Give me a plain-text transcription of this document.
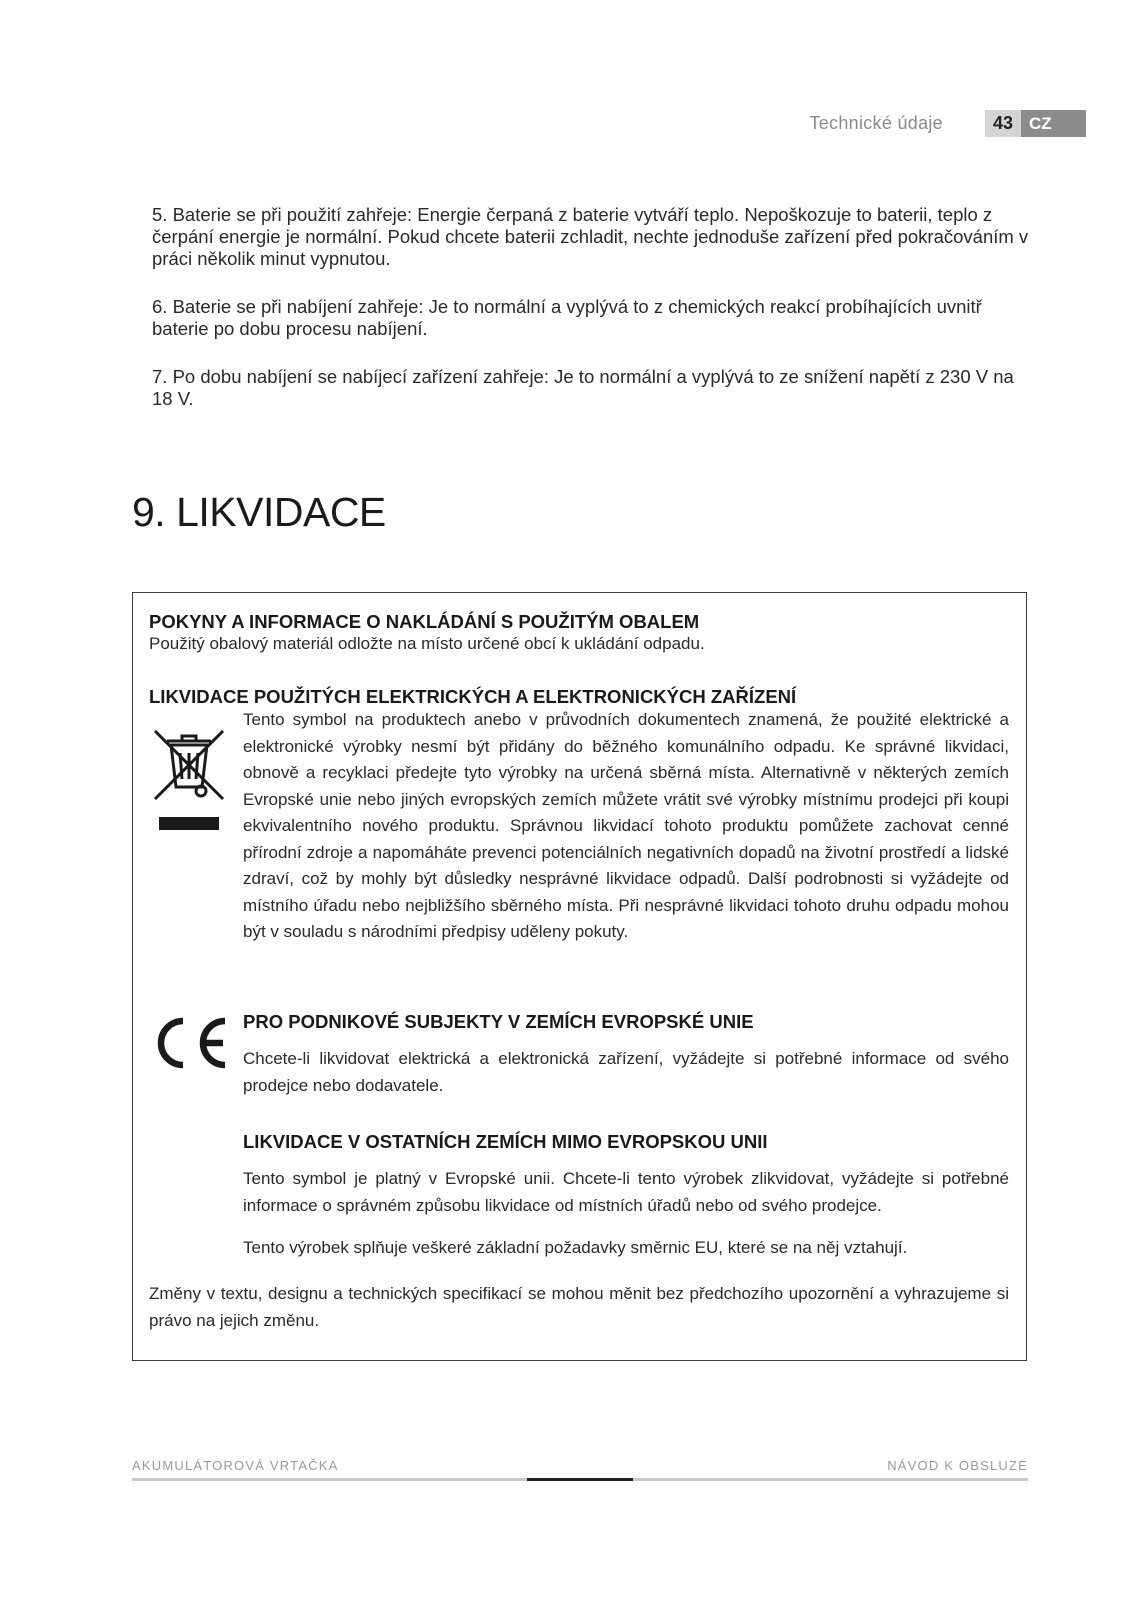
Technické údaje	43 CZ

5. Baterie se při použití zahřeje: Energie čerpaná z baterie vytváří teplo. Nepoškozuje to baterii, teplo z čerpání energie je normální. Pokud chcete baterii zchladit, nechte jednoduše zařízení před pokračováním v práci několik minut vypnutou.

6. Baterie se při nabíjení zahřeje: Je to normální a vyplývá to z chemických reakcí probíhajících uvnitř baterie po dobu procesu nabíjení.

7. Po dobu nabíjení se nabíjecí zařízení zahřeje: Je to normální a vyplývá to ze snížení napětí z 230 V na 18 V.

9. LIKVIDACE
POKYNY A INFORMACE O NAKLÁDÁNÍ S POUŽITÝM OBALEM

Použitý obalový materiál odložte na místo určené obcí k ukládání odpadu.

LIKVIDACE POUŽITÝCH ELEKTRICKÝCH A ELEKTRONICKÝCH ZAŘÍZENÍ

Tento symbol na produktech anebo v průvodních dokumentech znamená, že použité elektrické a elektronické výrobky nesmí být přidány do běžného komunálního odpadu. Ke správné likvidaci, obnově a recyklaci předejte tyto výrobky na určená sběrná místa. Alternativně v některých zemích Evropské unie nebo jiných evropských zemích můžete vrátit své výrobky místnímu prodejci při koupi ekvivalentního nového produktu. Správnou likvidací tohoto produktu pomůžete zachovat cenné přírodní zdroje a napomáháte prevenci potenciálních negativních dopadů na životní prostředí a lidské zdraví, což by mohly být důsledky nesprávné likvidace odpadů. Další podrobnosti si vyžádejte od místního úřadu nebo nejbližšího sběrného místa. Při nesprávné likvidaci tohoto druhu odpadu mohou být v souladu s národními předpisy uděleny pokuty.

PRO PODNIKOVÉ SUBJEKTY V ZEMÍCH EVROPSKÉ UNIE

Chcete-li likvidovat elektrická a elektronická zařízení, vyžádejte si potřebné informace od svého prodejce nebo dodavatele.

LIKVIDACE V OSTATNÍCH ZEMÍCH MIMO EVROPSKOU UNII

Tento symbol je platný v Evropské unii. Chcete-li tento výrobek zlikvidovat, vyžádejte si potřebné informace o správném způsobu likvidace od místních úřadů nebo od svého prodejce.

Tento výrobek splňuje veškeré základní požadavky směrnic EU, které se na něj vztahují.

Změny v textu, designu a technických specifikací se mohou měnit bez předchozího upozornění a vyhrazujeme si právo na jejich změnu.

AKUMULÁTOROVÁ VRTAČKA	NÁVOD K OBSLUZE
